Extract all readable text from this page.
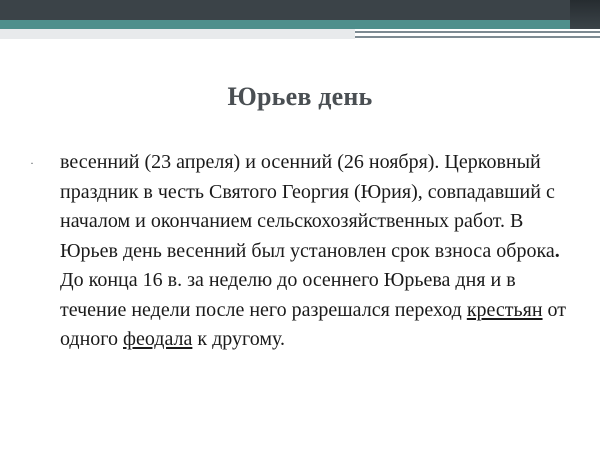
Юрьев день
· весенний (23 апреля) и осенний (26 ноября). Церковный праздник в честь Святого Георгия (Юрия), совпадавший с началом и окончанием сельскохозяйственных работ. В Юрьев день весенний был установлен срок взноса оброка. До конца 16 в. за неделю до осеннего Юрьева дня и в течение недели после него разрешался переход крестьян от одного феодала к другому.
